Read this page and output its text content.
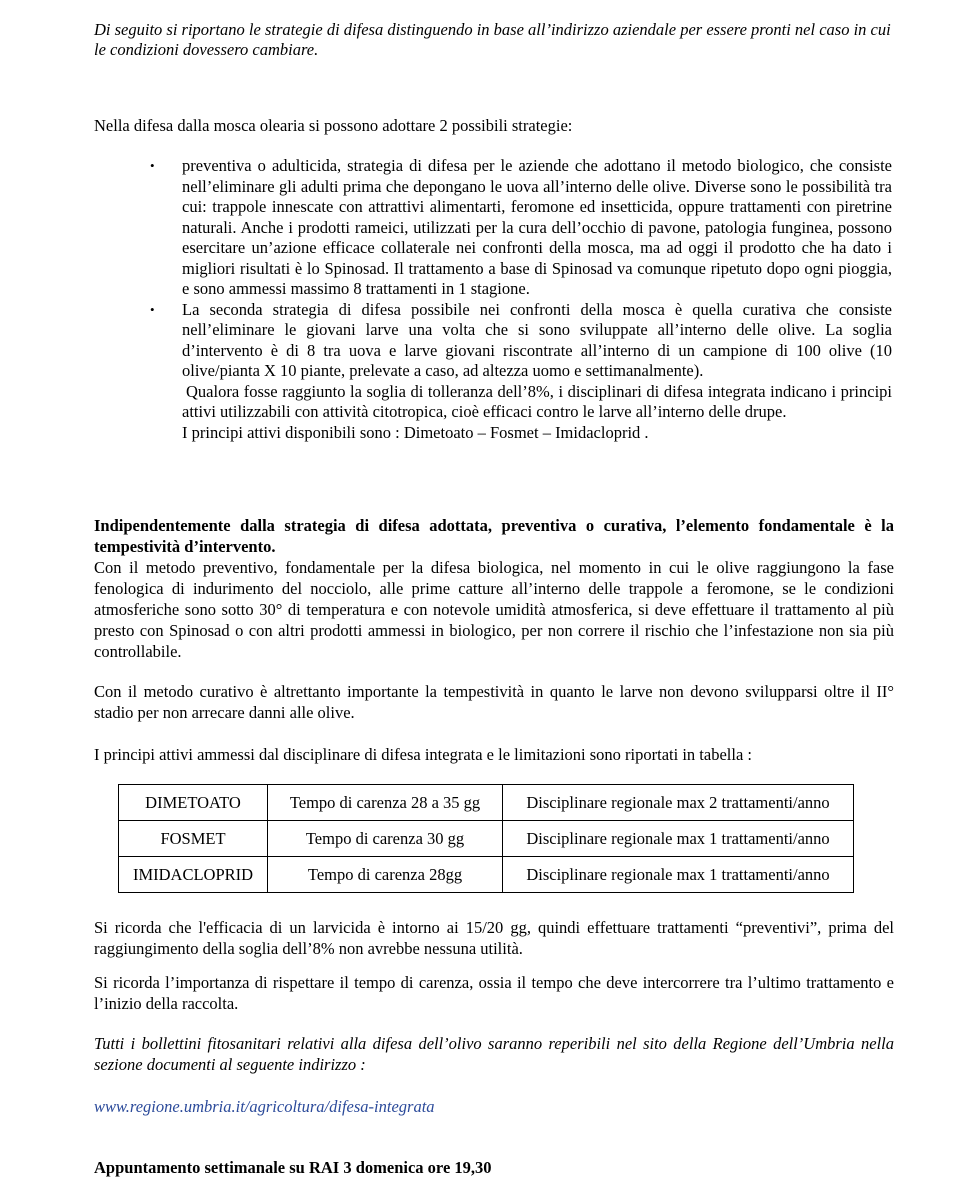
Di seguito si riportano le strategie di difesa distinguendo in base all’indirizzo aziendale per essere pronti nel caso in cui le condizioni dovessero cambiare.

Nella difesa dalla mosca olearia si possono adottare 2 possibili strategie:

• preventiva o adulticida, strategia di difesa per le aziende che adottano il metodo biologico, che consiste nell’eliminare gli adulti prima che depongano le uova all’interno delle olive. Diverse sono le possibilità tra cui: trappole innescate con attrattivi alimentarti, feromone ed insetticida, oppure trattamenti con piretrine naturali. Anche i prodotti rameici, utilizzati per la cura dell’occhio di pavone, patologia funginea, possono esercitare un’azione efficace collaterale nei confronti della mosca, ma ad oggi il prodotto che ha dato i migliori risultati è lo Spinosad. Il trattamento a base di Spinosad va comunque ripetuto dopo ogni pioggia, e sono ammessi massimo 8 trattamenti in 1 stagione.
• La seconda strategia di difesa possibile nei confronti della mosca è quella curativa che consiste nell’eliminare le giovani larve una volta che si sono sviluppate all’interno delle olive. La soglia d’intervento è di 8 tra uova e larve giovani riscontrate all’interno di un campione di 100 olive (10 olive/pianta X 10 piante, prelevate a caso, ad altezza uomo e settimanalmente).
Qualora fosse raggiunto la soglia di tolleranza dell’8%, i disciplinari di difesa integrata indicano i principi attivi utilizzabili con attività citotropica, cioè efficaci contro le larve all’interno delle drupe.
I principi attivi disponibili sono : Dimetoato – Fosmet – Imidacloprid .

Indipendentemente dalla strategia di difesa adottata, preventiva o curativa, l’elemento fondamentale è la tempestività d’intervento.

Con il metodo preventivo, fondamentale per la difesa biologica, nel momento in cui le olive raggiungono la fase fenologica di indurimento del nocciolo, alle prime catture all’interno delle trappole a feromone, se le condizioni atmosferiche sono sotto 30° di temperatura e con notevole umidità atmosferica, si deve effettuare il trattamento al più presto con Spinosad o con altri prodotti ammessi in biologico, per non correre il rischio che l’infestazione non sia più controllabile.

Con il metodo curativo è altrettanto importante la tempestività in quanto le larve non devono svilupparsi oltre il II° stadio per non arrecare danni alle olive.

I principi attivi ammessi dal disciplinare di difesa integrata e le limitazioni sono riportati in tabella :

DIMETOATO	Tempo di carenza 28 a 35 gg	Disciplinare regionale max 2 trattamenti/anno
FOSMET	Tempo di carenza 30 gg	Disciplinare regionale max 1 trattamenti/anno
IMIDACLOPRID	Tempo di carenza 28gg	Disciplinare regionale max 1 trattamenti/anno

Si ricorda che l'efficacia di un larvicida è intorno ai 15/20 gg, quindi effettuare trattamenti “preventivi”, prima del raggiungimento della soglia dell’8% non avrebbe nessuna utilità.

Si ricorda l’importanza di rispettare il tempo di carenza, ossia il tempo che deve intercorrere tra l’ultimo trattamento e l’inizio della raccolta.

Tutti i bollettini fitosanitari relativi alla difesa dell’olivo saranno reperibili nel sito della Regione dell’Umbria nella sezione documenti al seguente indirizzo :

www.regione.umbria.it/agricoltura/difesa-integrata

Appuntamento settimanale su RAI 3 domenica ore 19,30
